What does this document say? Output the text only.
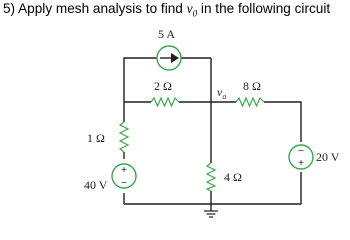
5) Apply mesh analysis to find $v_0$ in the following circuit
5 A
2 Ω	8 Ω
$v_o$
1 Ω
+
−
40 V
4 Ω
−
+ 20 V
